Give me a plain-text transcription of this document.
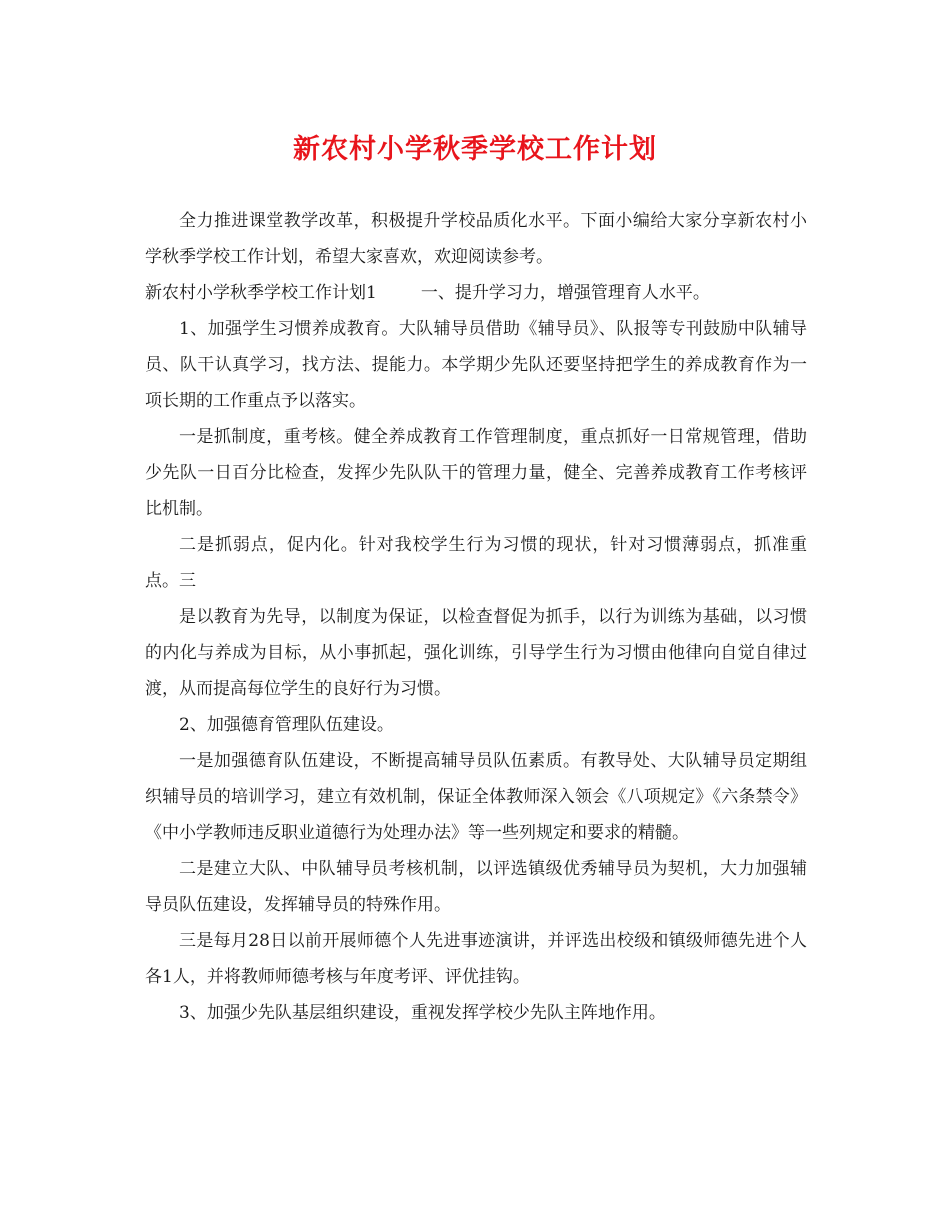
新农村小学秋季学校工作计划

全力推进课堂教学改革，积极提升学校品质化水平。下面小编给大家分享新农村小学秋季学校工作计划，希望大家喜欢，欢迎阅读参考。

新农村小学秋季学校工作计划1	一、提升学习力，增强管理育人水平。

1、加强学生习惯养成教育。大队辅导员借助《辅导员》、队报等专刊鼓励中队辅导员、队干认真学习，找方法、提能力。本学期少先队还要坚持把学生的养成教育作为一项长期的工作重点予以落实。

一是抓制度，重考核。健全养成教育工作管理制度，重点抓好一日常规管理，借助少先队一日百分比检查，发挥少先队队干的管理力量，健全、完善养成教育工作考核评比机制。

二是抓弱点，促内化。针对我校学生行为习惯的现状，针对习惯薄弱点，抓准重点。三

是以教育为先导，以制度为保证，以检查督促为抓手，以行为训练为基础，以习惯的内化与养成为目标，从小事抓起，强化训练，引导学生行为习惯由他律向自觉自律过渡，从而提高每位学生的良好行为习惯。

2、加强德育管理队伍建设。

一是加强德育队伍建设，不断提高辅导员队伍素质。有教导处、大队辅导员定期组织辅导员的培训学习，建立有效机制，保证全体教师深入领会《八项规定》《六条禁令》《中小学教师违反职业道德行为处理办法》等一些列规定和要求的精髓。

二是建立大队、中队辅导员考核机制，以评选镇级优秀辅导员为契机，大力加强辅导员队伍建设，发挥辅导员的特殊作用。

三是每月28日以前开展师德个人先进事迹演讲，并评选出校级和镇级师德先进个人各1人，并将教师师德考核与年度考评、评优挂钩。

3、加强少先队基层组织建设，重视发挥学校少先队主阵地作用。
